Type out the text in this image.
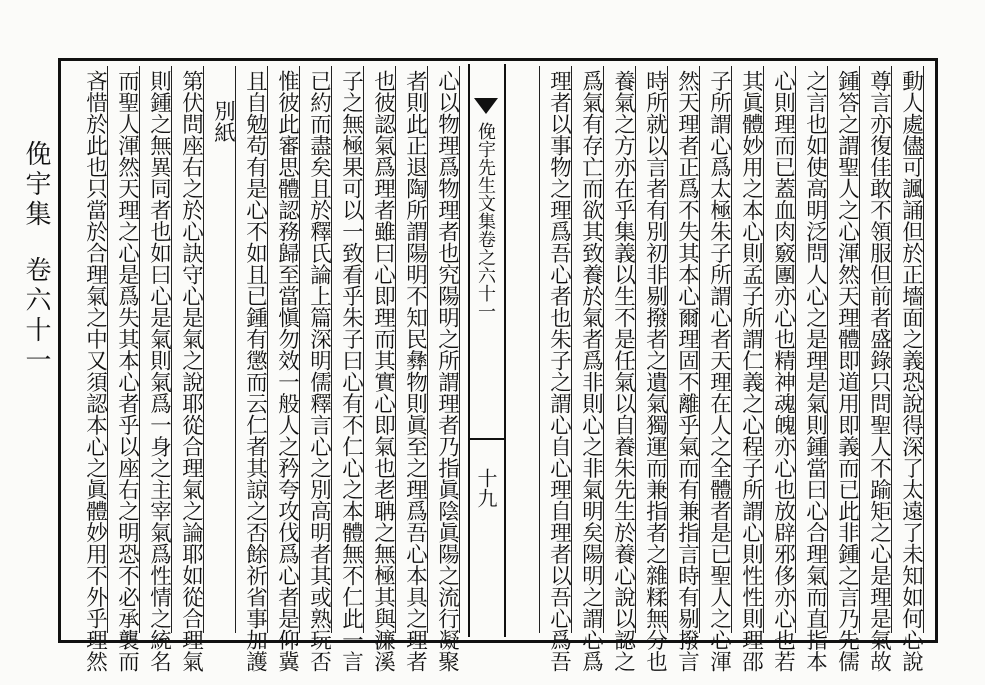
俛宇集　卷六十一	動人處儘可諷誦但於正墻面之義恐說得深了太遠了未知如何心說
尊言亦復佳敢不領服但前者盛錄只問聖人不踰矩之心是理是氣故
鍾答之謂聖人之心渾然天理體即道用即義而已此非鍾之言乃先儒
之言也如使高明泛問人心之是理是氣則鍾當曰心合理氣而直指本
心則理而已蓋血肉竅團亦心也精神魂魄亦心也放辟邪侈亦心也若
其眞體妙用之本心則孟子所謂仁義之心程子所謂心則性性則理邵
子所謂心爲太極朱子所謂心者天理在人之全體者是已聖人之心渾
然天理者正爲不失其本心爾理固不離乎氣而有兼指言時有剔撥言
時所就以言者有別初非剔撥者之遺氣獨運而兼指者之雜糅無分也
養氣之方亦在乎集義以生不是任氣以自養朱先生於養心說以認之
爲氣有存亡而欲其致養於氣者爲非則心之非氣明矣陽明之謂心爲
理者以事物之理爲吾心者也朱子之謂心自心理自理者以吾心爲吾
俛宇先生文集卷之六十一
十九
心以物理爲物理者也究陽明之所謂理者乃指眞陰眞陽之流行凝聚
者則此正退陶所謂陽明不知民彝物則眞至之理爲吾心本具之理者
也彼認氣爲理者雖曰心即理而其實心即氣也老聃之無極其與濂溪
子之無極果可以一致看乎朱子曰心有不仁心之本體無不仁此一言
已約而盡矣且於釋氏論上篇深明儒釋言心之別高明者其或熟玩否
惟彼此審思體認務歸至當愼勿效一般人之矜夸攻伐爲心者是仰冀
且自勉苟有是心不如且已鍾有懲而云仁者其諒之否餘祈省事加護
別紙
第伏問座右之於心訣守心是氣之說耶從合理氣之論耶如從合理氣
則鍾之無異同者也如曰心是氣則氣爲一身之主宰氣爲性情之統名
而聖人渾然天理之心是爲失其本心者乎以座右之明恐不必承襲而
吝惜於此也只當於合理氣之中又須認本心之眞體妙用不外乎理然
